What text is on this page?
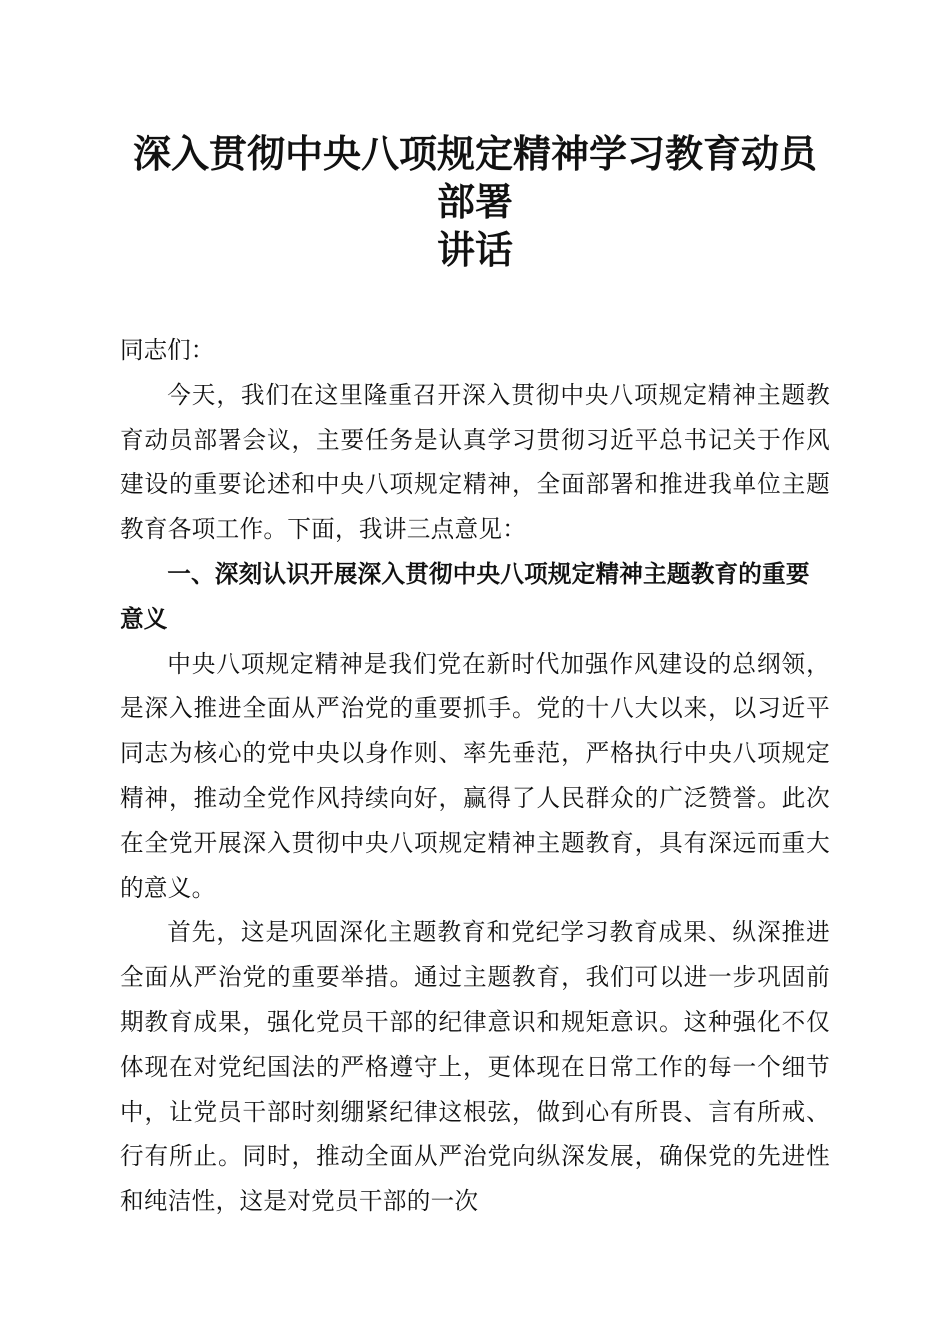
深入贯彻中央八项规定精神学习教育动员部署
讲话

同志们：

今天，我们在这里隆重召开深入贯彻中央八项规定精神主题教育动员部署会议，主要任务是认真学习贯彻习近平总书记关于作风建设的重要论述和中央八项规定精神，全面部署和推进我单位主题教育各项工作。下面，我讲三点意见：

一、深刻认识开展深入贯彻中央八项规定精神主题教育的重要意义

中央八项规定精神是我们党在新时代加强作风建设的总纲领，是深入推进全面从严治党的重要抓手。党的十八大以来，以习近平同志为核心的党中央以身作则、率先垂范，严格执行中央八项规定精神，推动全党作风持续向好，赢得了人民群众的广泛赞誉。此次在全党开展深入贯彻中央八项规定精神主题教育，具有深远而重大的意义。

首先，这是巩固深化主题教育和党纪学习教育成果、纵深推进全面从严治党的重要举措。通过主题教育，我们可以进一步巩固前期教育成果，强化党员干部的纪律意识和规矩意识。这种强化不仅体现在对党纪国法的严格遵守上，更体现在日常工作的每一个细节中，让党员干部时刻绷紧纪律这根弦，做到心有所畏、言有所戒、行有所止。同时，推动全面从严治党向纵深发展，确保党的先进性和纯洁性，这是对党员干部的一次
